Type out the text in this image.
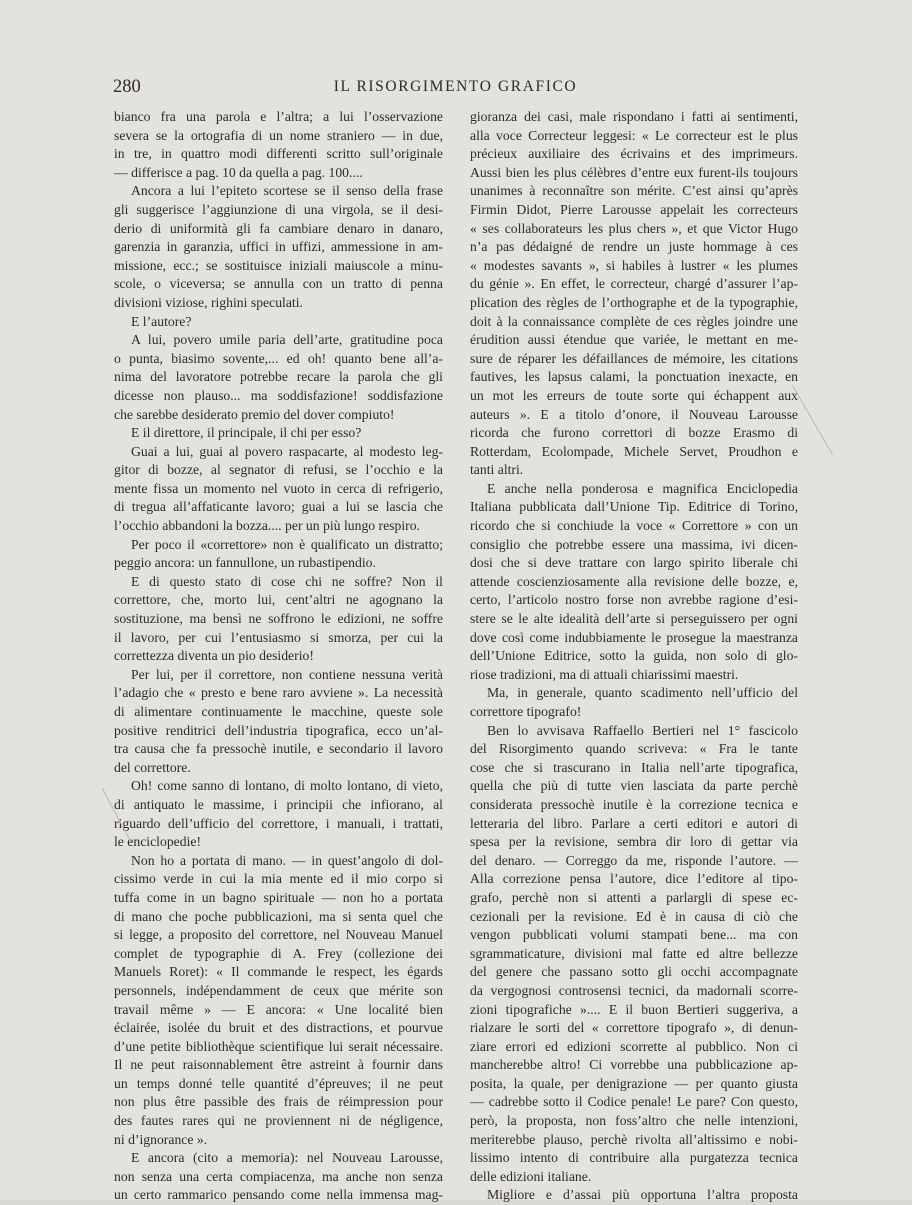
280	IL RISORGIMENTO GRAFICO
bianco fra una parola e l’altra; a lui l’osservazione
severa se la ortografia di un nome straniero — in due,
in tre, in quattro modi differenti scritto sull’originale
— differisce a pag. 10 da quella a pag. 100....
Ancora a lui l’epiteto scortese se il senso della frase
gli suggerisce l’aggiunzione di una virgola, se il desi-
derio di uniformità gli fa cambiare denaro in danaro,
garenzia in garanzia, uffici in uffizi, ammessione in am-
missione, ecc.; se sostituisce iniziali maiuscole a minu-
scole, o viceversa; se annulla con un tratto di penna
divisioni viziose, righini speculati.
E l’autore?
A lui, povero umile paria dell’arte, gratitudine poca
o punta, biasimo sovente,... ed oh! quanto bene all’a-
nima del lavoratore potrebbe recare la parola che gli
dicesse non plauso... ma soddisfazione! soddisfazione
che sarebbe desiderato premio del dover compiuto!
E il direttore, il principale, il chi per esso?
Guai a lui, guai al povero raspacarte, al modesto leg-
gitor di bozze, al segnator di refusi, se l’occhio e la
mente fissa un momento nel vuoto in cerca di refrigerio,
di tregua all’affaticante lavoro; guai a lui se lascia che
l’occhio abbandoni la bozza.... per un più lungo respiro.
Per poco il «correttore» non è qualificato un distratto;
peggio ancora: un fannullone, un rubastipendio.
E di questo stato di cose chi ne soffre? Non il
correttore, che, morto lui, cent’altri ne agognano la
sostituzione, ma bensì ne soffrono le edizioni, ne soffre
il lavoro, per cui l’entusiasmo si smorza, per cui la
correttezza diventa un pio desiderio!
Per lui, per il correttore, non contiene nessuna verità
l’adagio che « presto e bene raro avviene ». La necessità
di alimentare continuamente le macchine, queste sole
positive renditrici dell’industria tipografica, ecco un’al-
tra causa che fa pressochè inutile, e secondario il lavoro
del correttore.
Oh! come sanno di lontano, di molto lontano, di vieto,
di antiquato le massime, i principii che infiorano, al
riguardo dell’ufficio del correttore, i manuali, i trattati,
le enciclopedie!
Non ho a portata di mano. — in quest’angolo di dol-
cissimo verde in cui la mia mente ed il mio corpo si
tuffa come in un bagno spirituale — non ho a portata
di mano che poche pubblicazioni, ma si senta quel che
si legge, a proposito del correttore, nel Nouveau Manuel
complet de typographie di A. Frey (collezione dei
Manuels Roret): « Il commande le respect, les égards
personnels, indépendamment de ceux que mérite son
travail même » — E ancora: « Une localité bien
éclairée, isolée du bruit et des distractions, et pourvue
d’une petite bibliothèque scientifique lui serait nécessaire.
Il ne peut raisonnablement être astreint à fournir dans
un temps donné telle quantité d’épreuves; il ne peut
non plus être passible des frais de réimpression pour
des fautes rares qui ne proviennent ni de négligence,
ni d’ignorance ».
E ancora (cito a memoria): nel Nouveau Larousse,
non senza una certa compiacenza, ma anche non senza
un certo rammarico pensando come nella immensa mag-
gioranza dei casi, male rispondano i fatti ai sentimenti,
alla voce Correcteur leggesi: « Le correcteur est le plus
précieux auxiliaire des écrivains et des imprimeurs.
Aussi bien les plus célèbres d’entre eux furent-ils toujours
unanimes à reconnaître son mérite. C’est ainsi qu’après
Firmin Didot, Pierre Larousse appelait les correcteurs
« ses collaborateurs les plus chers », et que Victor Hugo
n’a pas dédaigné de rendre un juste hommage à ces
« modestes savants », si habiles à lustrer « les plumes
du génie ». En effet, le correcteur, chargé d’assurer l’ap-
plication des règles de l’orthographe et de la typographie,
doit à la connaissance complète de ces règles joindre une
érudition aussi étendue que variée, le mettant en me-
sure de réparer les défaillances de mémoire, les citations
fautives, les lapsus calami, la ponctuation inexacte, en
un mot les erreurs de toute sorte qui échappent aux
auteurs ». E a titolo d’onore, il Nouveau Larousse
ricorda che furono correttori di bozze Erasmo di
Rotterdam, Ecolompade, Michele Servet, Proudhon e
tanti altri.
E anche nella ponderosa e magnifica Enciclopedia
Italiana pubblicata dall’Unione Tip. Editrice di Torino,
ricordo che si conchiude la voce « Correttore » con un
consiglio che potrebbe essere una massima, ivi dicen-
dosi che si deve trattare con largo spirito liberale chi
attende coscienziosamente alla revisione delle bozze, e,
certo, l’articolo nostro forse non avrebbe ragione d’esi-
stere se le alte idealità dell’arte si perseguissero per ogni
dove così come indubbiamente le prosegue la maestranza
dell’Unione Editrice, sotto la guida, non solo di glo-
riose tradizioni, ma di attuali chiarissimi maestri.
Ma, in generale, quanto scadimento nell’ufficio del
correttore tipografo!
Ben lo avvisava Raffaello Bertieri nel 1° fascicolo
del Risorgimento quando scriveva: « Fra le tante
cose che si trascurano in Italia nell’arte tipografica,
quella che più di tutte vien lasciata da parte perchè
considerata pressochè inutile è la correzione tecnica e
letteraria del libro. Parlare a certi editori e autori di
spesa per la revisione, sembra dir loro di gettar via
del denaro. — Correggo da me, risponde l’autore. —
Alla correzione pensa l’autore, dice l’editore al tipo-
grafo, perchè non si attenti a parlargli di spese ec-
cezionali per la revisione. Ed è in causa di ciò che
vengon pubblicati volumi stampati bene... ma con
sgrammaticature, divisioni mal fatte ed altre bellezze
del genere che passano sotto gli occhi accompagnate
da vergognosi controsensi tecnici, da madornali scorre-
zioni tipografiche ».... E il buon Bertieri suggeriva, a
rialzare le sorti del « correttore tipografo », di denun-
ziare errori ed edizioni scorrette al pubblico. Non ci
mancherebbe altro! Ci vorrebbe una pubblicazione ap-
posita, la quale, per denigrazione — per quanto giusta
— cadrebbe sotto il Codice penale! Le pare? Con questo,
però, la proposta, non foss’altro che nelle intenzioni,
meriterebbe plauso, perchè rivolta all’altissimo e nobi-
lissimo intento di contribuire alla purgatezza tecnica
delle edizioni italiane.
Migliore e d’assai più opportuna l’altra proposta
